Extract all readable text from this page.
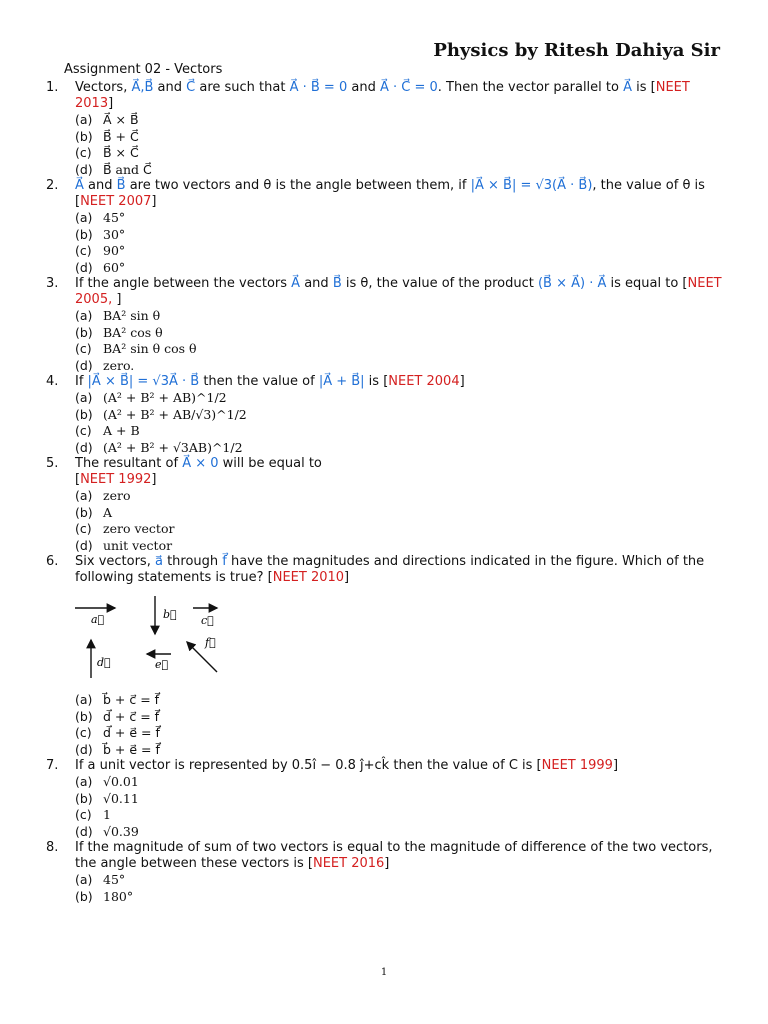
Physics by Ritesh Dahiya Sir
Assignment 02 - Vectors
1. Vectors, A⃗,B⃗ and C⃗ are such that A⃗ · B⃗ = 0 and A⃗ · C⃗ = 0. Then the vector parallel to A⃗ is [NEET 2013]
(a) A⃗ × B⃗
(b) B⃗ + C⃗
(c) B⃗ × C⃗
(d) B⃗ and C⃗
2. A⃗ and B⃗ are two vectors and θ is the angle between them, if |A⃗ × B⃗| = √3(A⃗ · B⃗), the value of θ is [NEET 2007]
(a) 45°
(b) 30°
(c) 90°
(d) 60°
3. If the angle between the vectors A⃗ and B⃗ is θ, the value of the product (B⃗ × A⃗) · A⃗ is equal to [NEET 2005, ]
(a) BA² sin θ
(b) BA² cos θ
(c) BA² sin θ cos θ
(d) zero.
4. If |A⃗ × B⃗| = √3A⃗ · B⃗ then the value of |A⃗ + B⃗| is [NEET 2004]
(a) (A² + B² + AB)^1/2
(b) (A² + B² + AB/√3)^1/2
(c) A + B
(d) (A² + B² + √3AB)^1/2
5. The resultant of A⃗ × 0 will be equal to
[NEET 1992]
(a) zero
(b) A
(c) zero vector
(d) unit vector
6. Six vectors, a⃗ through f⃗ have the magnitudes and directions indicated in the figure. Which of the following statements is true? [NEET 2010]
a⃗	b⃗ c⃗
d⃗	e⃗
f⃗
(a) b⃗ + c⃗ = f⃗
(b) d⃗ + c⃗ = f⃗
(c) d⃗ + e⃗ = f⃗
(d) b⃗ + e⃗ = f⃗
7. If a unit vector is represented by 0.5î − 0.8 ĵ+ck̂ then the value of C is [NEET 1999]
(a) √0.01
(b) √0.11
(c) 1
(d) √0.39
8. If the magnitude of sum of two vectors is equal to the magnitude of difference of the two vectors, the angle between these vectors is [NEET 2016]
(a) 45°
(b) 180°
1
